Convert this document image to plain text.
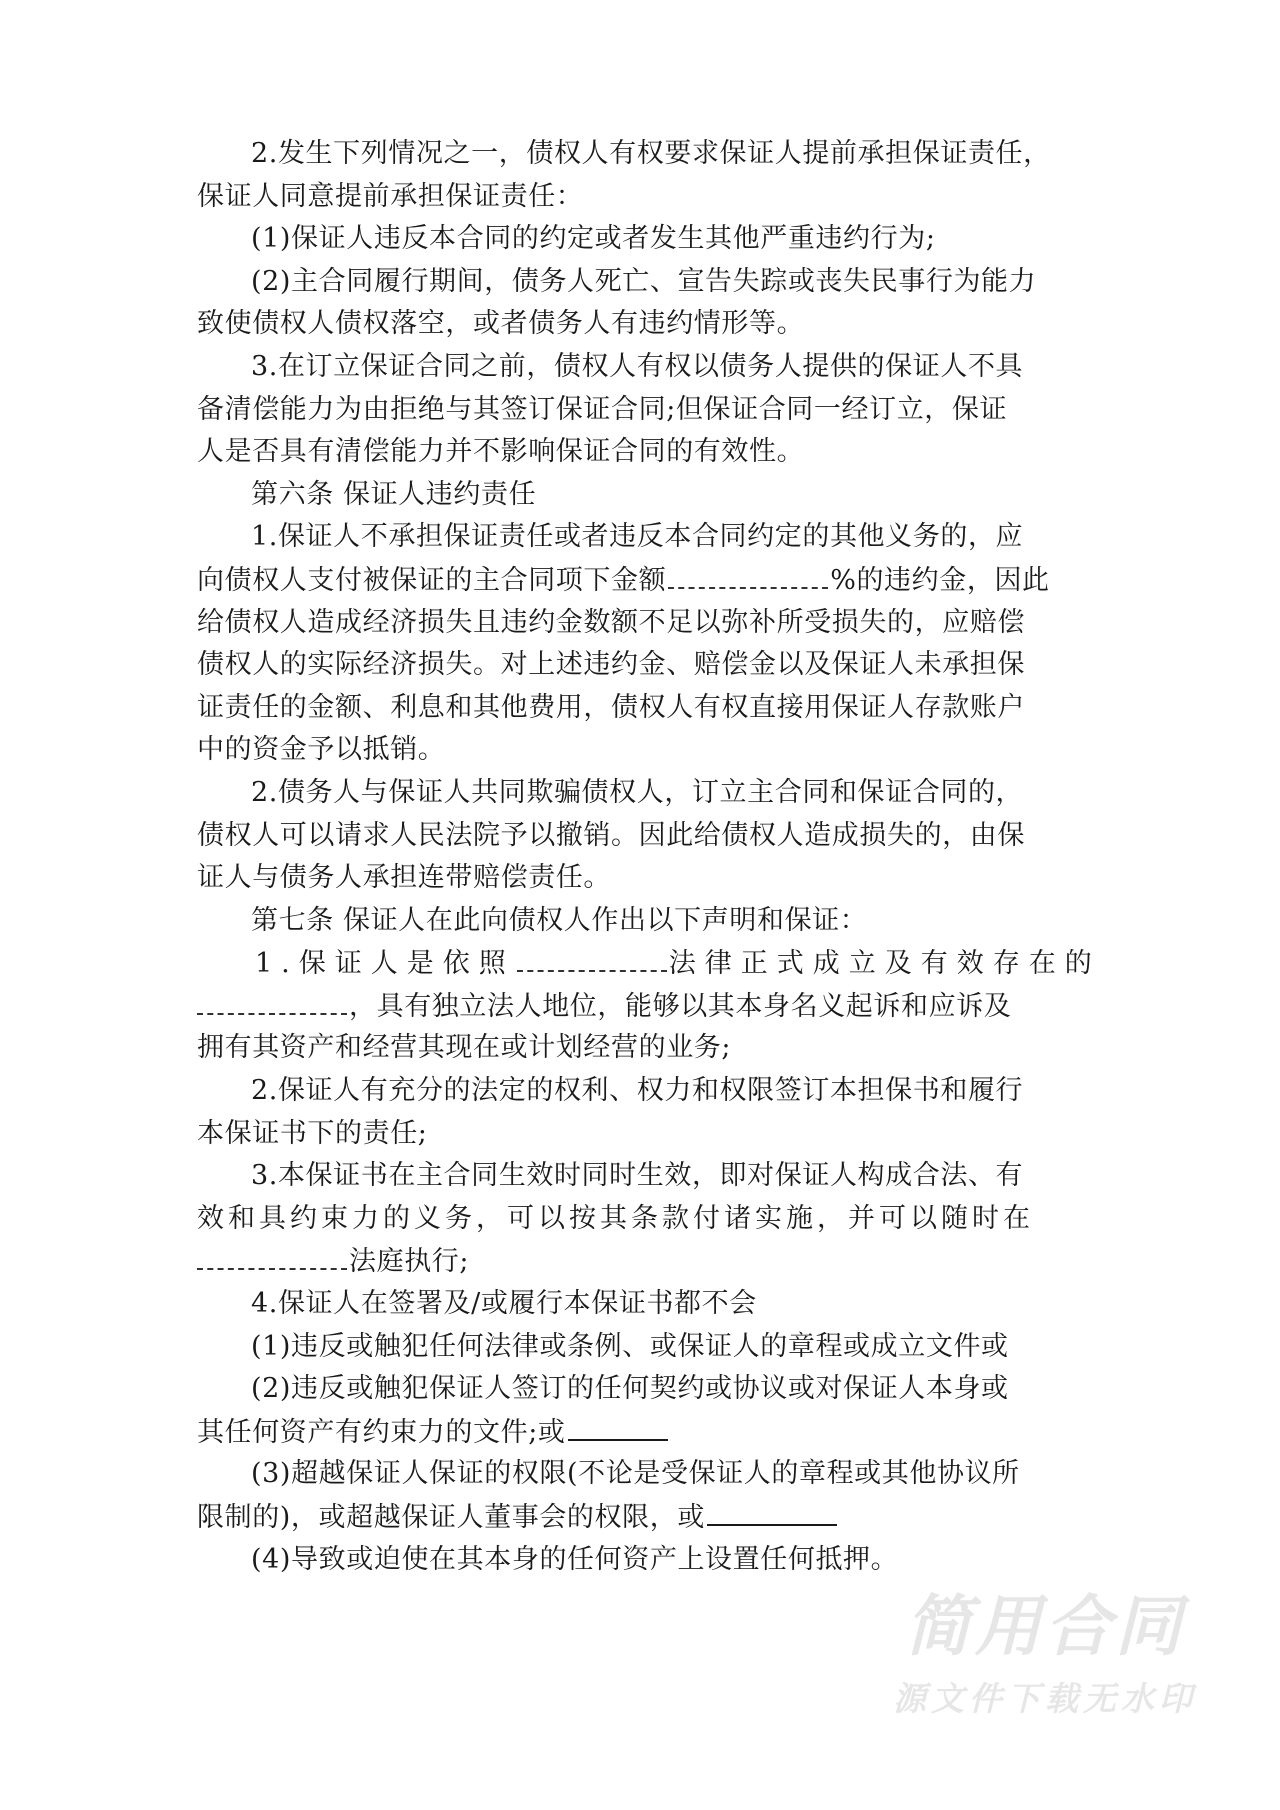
2.发生下列情况之一，债权人有权要求保证人提前承担保证责任，
保证人同意提前承担保证责任：
(1)保证人违反本合同的约定或者发生其他严重违约行为;
(2)主合同履行期间，债务人死亡、宣告失踪或丧失民事行为能力
致使债权人债权落空，或者债务人有违约情形等。
3.在订立保证合同之前，债权人有权以债务人提供的保证人不具
备清偿能力为由拒绝与其签订保证合同;但保证合同一经订立，保证
人是否具有清偿能力并不影响保证合同的有效性。
第六条 保证人违约责任
1.保证人不承担保证责任或者违反本合同约定的其他义务的，应
向债权人支付被保证的主合同项下金额	%的违约金，因此
给债权人造成经济损失且违约金数额不足以弥补所受损失的，应赔偿
债权人的实际经济损失。对上述违约金、赔偿金以及保证人未承担保
证责任的金额、利息和其他费用，债权人有权直接用保证人存款账户
中的资金予以抵销。
2.债务人与保证人共同欺骗债权人，订立主合同和保证合同的，
债权人可以请求人民法院予以撤销。因此给债权人造成损失的，由保
证人与债务人承担连带赔偿责任。
第七条 保证人在此向债权人作出以下声明和保证：
1.保证人是依照	法律正式成立及有效存在的
，具有独立法人地位，能够以其本身名义起诉和应诉及
拥有其资产和经营其现在或计划经营的业务;
2.保证人有充分的法定的权利、权力和权限签订本担保书和履行
本保证书下的责任;
3.本保证书在主合同生效时同时生效，即对保证人构成合法、有
效和具约束力的义务，可以按其条款付诸实施，并可以随时在
法庭执行;
4.保证人在签署及/或履行本保证书都不会
(1)违反或触犯任何法律或条例、或保证人的章程或成立文件或
(2)违反或触犯保证人签订的任何契约或协议或对保证人本身或
其任何资产有约束力的文件;或
(3)超越保证人保证的权限(不论是受保证人的章程或其他协议所
限制的)，或超越保证人董事会的权限，或
(4)导致或迫使在其本身的任何资产上设置任何抵押。
简用合同
源文件下载无水印
